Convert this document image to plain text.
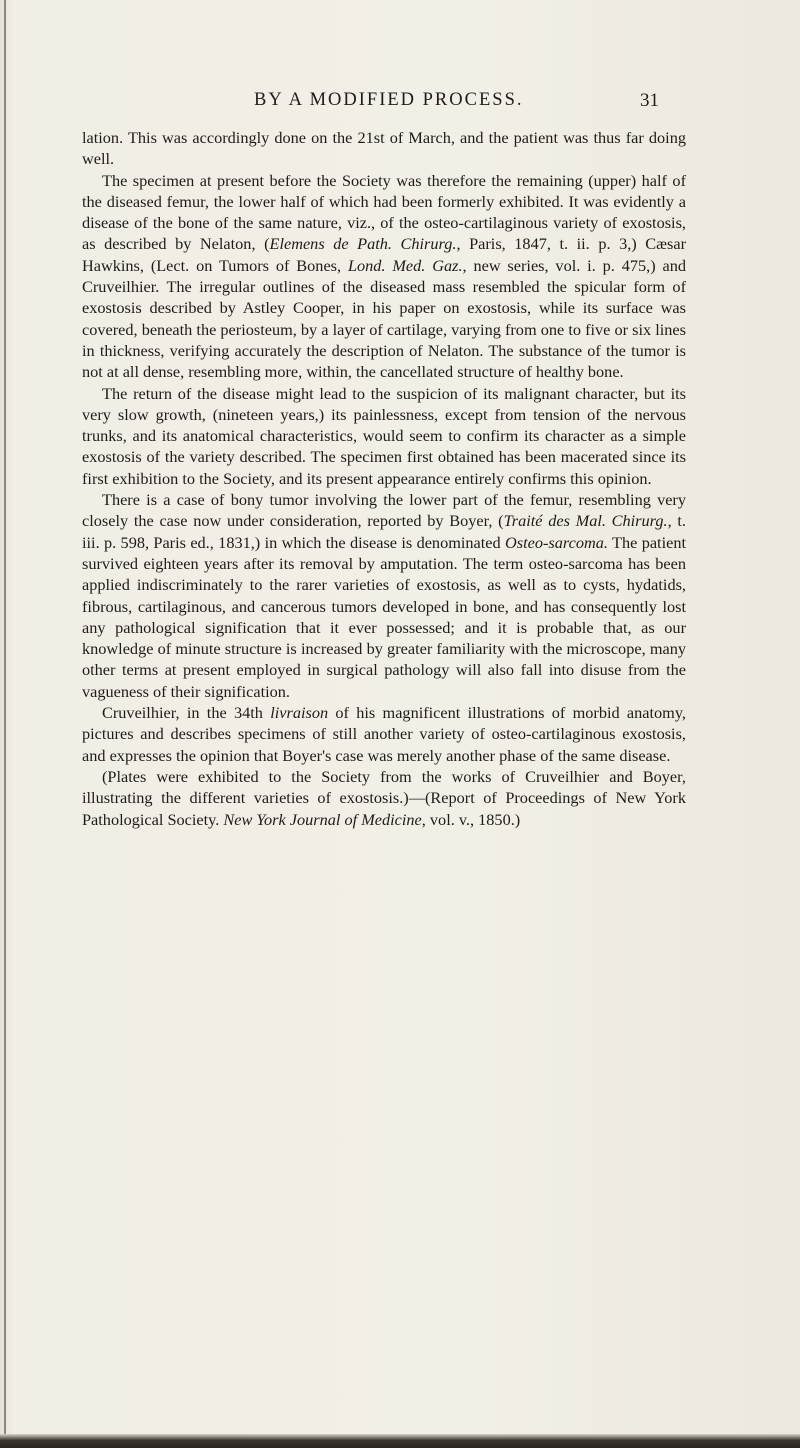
BY A MODIFIED PROCESS.	31

lation. This was accordingly done on the 21st of March, and the patient was thus far doing well.

The specimen at present before the Society was therefore the remaining (upper) half of the diseased femur, the lower half of which had been formerly exhibited. It was evidently a disease of the bone of the same nature, viz., of the osteo-cartilaginous variety of exostosis, as described by Nelaton, (Elemens de Path. Chirurg., Paris, 1847, t. ii. p. 3,) Cæsar Hawkins, (Lect. on Tumors of Bones, Lond. Med. Gaz., new series, vol. i. p. 475,) and Cruveilhier. The irregular outlines of the diseased mass resembled the spicular form of exostosis described by Astley Cooper, in his paper on exostosis, while its surface was covered, beneath the periosteum, by a layer of cartilage, varying from one to five or six lines in thickness, verifying accurately the description of Nelaton. The substance of the tumor is not at all dense, resembling more, within, the cancellated structure of healthy bone.

The return of the disease might lead to the suspicion of its malignant character, but its very slow growth, (nineteen years,) its painlessness, except from tension of the nervous trunks, and its anatomical characteristics, would seem to confirm its character as a simple exostosis of the variety described. The specimen first obtained has been macerated since its first exhibition to the Society, and its present appearance entirely confirms this opinion.

There is a case of bony tumor involving the lower part of the femur, resembling very closely the case now under consideration, reported by Boyer, (Traité des Mal. Chirurg., t. iii. p. 598, Paris ed., 1831,) in which the disease is denominated Osteo-sarcoma. The patient survived eighteen years after its removal by amputation. The term osteo-sarcoma has been applied indiscriminately to the rarer varieties of exostosis, as well as to cysts, hydatids, fibrous, cartilaginous, and cancerous tumors developed in bone, and has consequently lost any pathological signification that it ever possessed; and it is probable that, as our knowledge of minute structure is increased by greater familiarity with the microscope, many other terms at present employed in surgical pathology will also fall into disuse from the vagueness of their signification.

Cruveilhier, in the 34th livraison of his magnificent illustrations of morbid anatomy, pictures and describes specimens of still another variety of osteo-cartilaginous exostosis, and expresses the opinion that Boyer's case was merely another phase of the same disease.

(Plates were exhibited to the Society from the works of Cruveilhier and Boyer, illustrating the different varieties of exostosis.)—(Report of Proceedings of New York Pathological Society. New York Journal of Medicine, vol. v., 1850.)
